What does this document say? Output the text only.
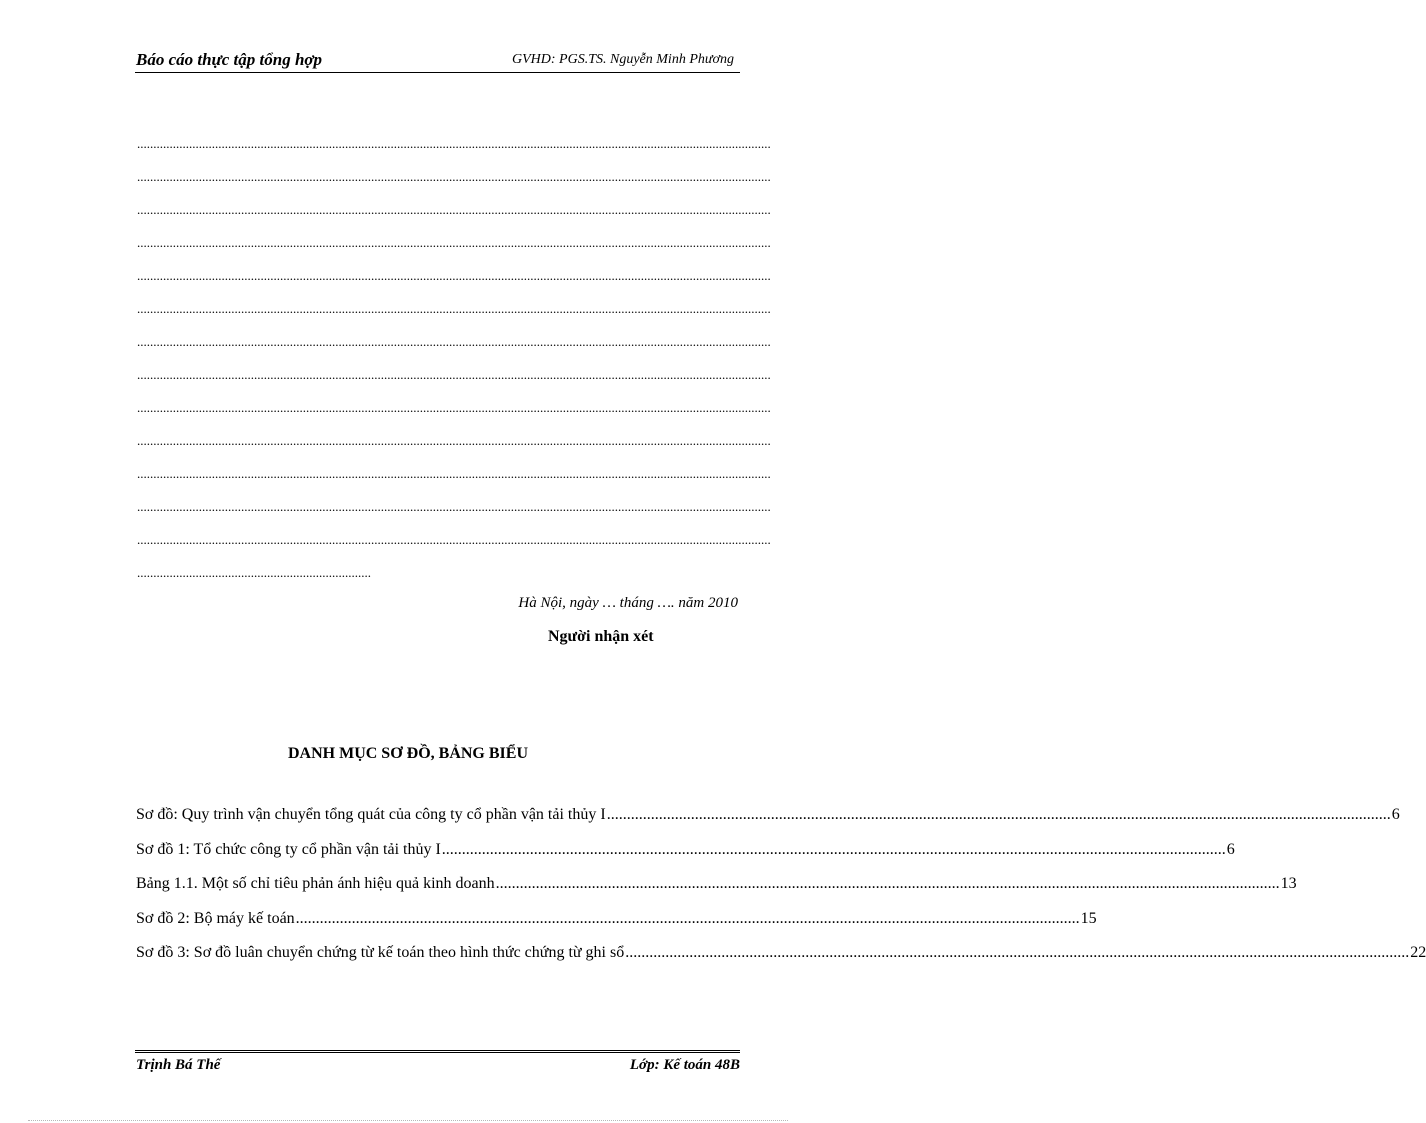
Báo cáo thực tập tổng hợp	GVHD: PGS.TS. Nguyễn Minh Phương
...................................................................................................................................................................................................
...................................................................................................................................................................................................
...................................................................................................................................................................................................
...................................................................................................................................................................................................
...................................................................................................................................................................................................
...................................................................................................................................................................................................
...................................................................................................................................................................................................
...................................................................................................................................................................................................
...................................................................................................................................................................................................
...................................................................................................................................................................................................
...................................................................................................................................................................................................
...................................................................................................................................................................................................
...................................................................................................................................................................................................
........................................................................
Hà Nội, ngày … tháng …. năm 2010
Người nhận xét
DANH MỤC SƠ ĐỒ, BẢNG BIỂU
Sơ đồ: Quy trình vận chuyển tổng quát của công ty cổ phần vận tải thủy I .................................................................................................................................................................................................... 6
Sơ đồ 1: Tổ chức công ty cổ phần vận tải thủy I .................................................................................................................................................................................................... 6
Bảng 1.1. Một số chỉ tiêu phản ánh hiệu quả kinh doanh .................................................................................................................................................................................................... 13
Sơ đồ 2: Bộ máy kế toán .................................................................................................................................................................................................... 15
Sơ đồ 3: Sơ đồ luân chuyển chứng từ kế toán theo hình thức chứng từ ghi sổ .................................................................................................................................................................................................... 22
Trịnh Bá Thế	Lớp: Kế toán 48B
